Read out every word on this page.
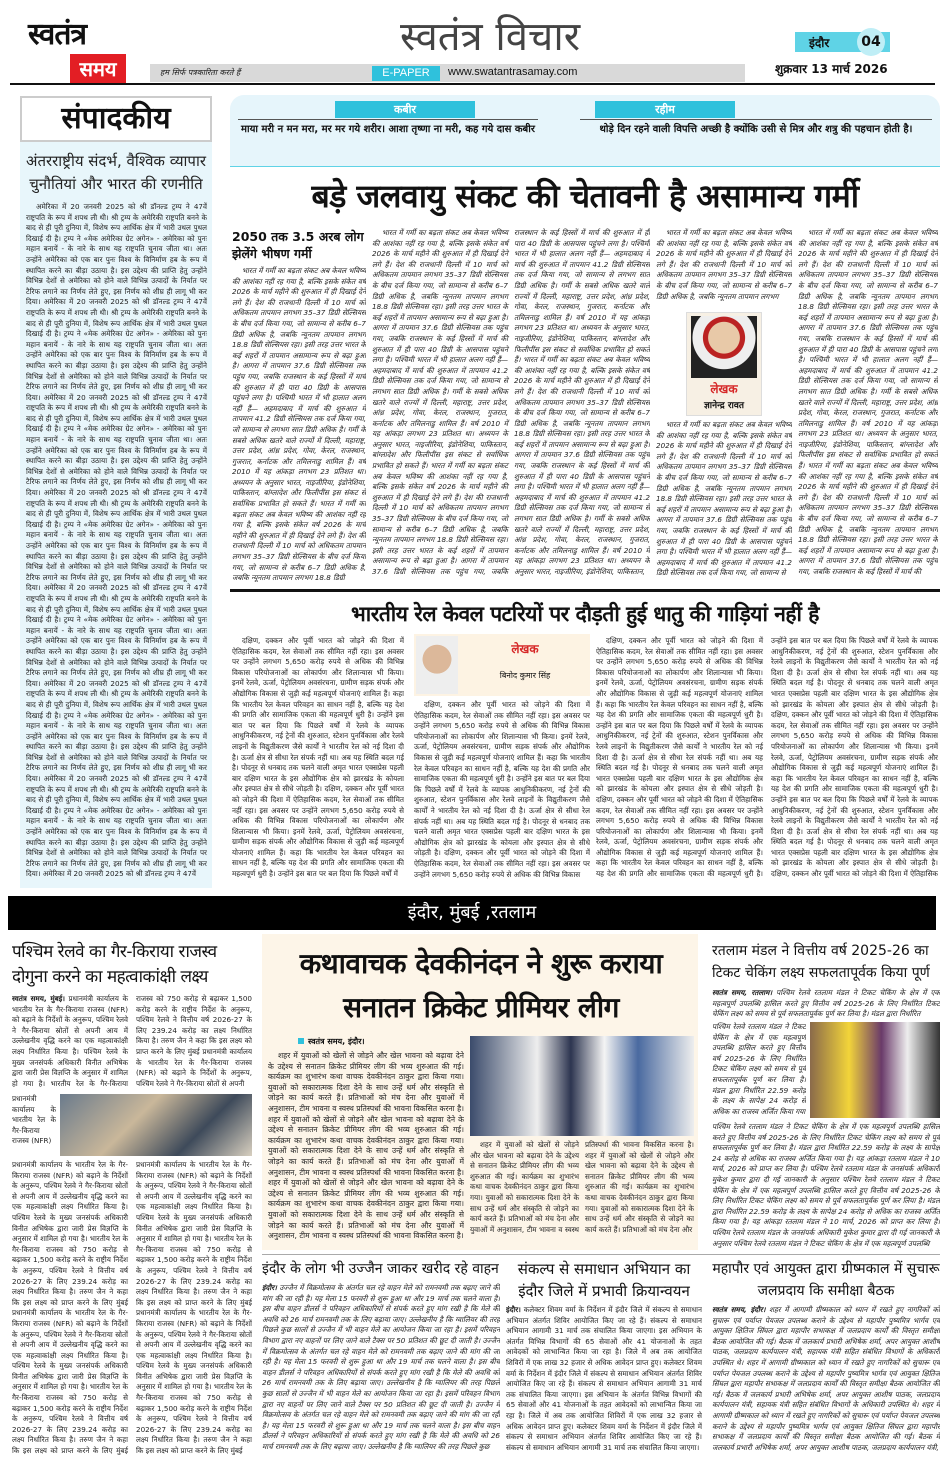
स्वतंत्र
समय	हम सिर्फ पत्रकारिता करते हैं
स्वतंत्र विचार
E-PAPER	www.swatantrasamay.com
इंदौर	04
शुक्रवार 13 मार्च 2026
संपादकीय
अंतरराष्ट्रीय संदर्भ, वैश्विक व्यापार चुनौतियां और भारत की रणनीति
अमेरिका में 20 जनवरी 2025 को श्री डॉनल्ड ट्रम्प ने 47वें राष्ट्रपति के रूप में शपथ ली थी। श्री ट्रम्प के अमेरिकी राष्ट्रपति बनने के बाद से ही पूरी दुनिया में, विशेष रूप आर्थिक क्षेत्र में भारी उथल पुथल दिखाई दी है। ट्रम्प ने «मेक अमेरिका ग्रेट अगेन» - अमेरिका को पुनः महान बनायें - के नारे के साथ यह राष्ट्रपति चुनाव जीता था। अतः उन्होंने अमेरिका को एक बार पुनः विश्व के विनिर्माण हब के रूप में स्थापित करने का बीड़ा उठाया है। इस उद्देश्य की प्राप्ति हेतु उन्होंने विभिन्न देशों से अमेरिका को होने वाले विभिन्न उत्पादों के निर्यात पर टैरिफ लगाने का निर्णय लेते हुए, इस निर्णय को शीघ्र ही लागू भी कर दिया। अमेरिका में 20 जनवरी 2025 को श्री डॉनल्ड ट्रम्प ने 47वें राष्ट्रपति के रूप में शपथ ली थी। श्री ट्रम्प के अमेरिकी राष्ट्रपति बनने के बाद से ही पूरी दुनिया में, विशेष रूप आर्थिक क्षेत्र में भारी उथल पुथल दिखाई दी है। ट्रम्प ने «मेक अमेरिका ग्रेट अगेन» - अमेरिका को पुनः महान बनायें - के नारे के साथ यह राष्ट्रपति चुनाव जीता था। अतः उन्होंने अमेरिका को एक बार पुनः विश्व के विनिर्माण हब के रूप में स्थापित करने का बीड़ा उठाया है। इस उद्देश्य की प्राप्ति हेतु उन्होंने विभिन्न देशों से अमेरिका को होने वाले विभिन्न उत्पादों के निर्यात पर टैरिफ लगाने का निर्णय लेते हुए, इस निर्णय को शीघ्र ही लागू भी कर दिया। अमेरिका में 20 जनवरी 2025 को श्री डॉनल्ड ट्रम्प ने 47वें राष्ट्रपति के रूप में शपथ ली थी। श्री ट्रम्प के अमेरिकी राष्ट्रपति बनने के बाद से ही पूरी दुनिया में, विशेष रूप आर्थिक क्षेत्र में भारी उथल पुथल दिखाई दी है। ट्रम्प ने «मेक अमेरिका ग्रेट अगेन» - अमेरिका को पुनः महान बनायें - के नारे के साथ यह राष्ट्रपति चुनाव जीता था। अतः उन्होंने अमेरिका को एक बार पुनः विश्व के विनिर्माण हब के रूप में स्थापित करने का बीड़ा उठाया है। इस उद्देश्य की प्राप्ति हेतु उन्होंने विभिन्न देशों से अमेरिका को होने वाले विभिन्न उत्पादों के निर्यात पर टैरिफ लगाने का निर्णय लेते हुए, इस निर्णय को शीघ्र ही लागू भी कर दिया। अमेरिका में 20 जनवरी 2025 को श्री डॉनल्ड ट्रम्प ने 47वें राष्ट्रपति के रूप में शपथ ली थी। श्री ट्रम्प के अमेरिकी राष्ट्रपति बनने के बाद से ही पूरी दुनिया में, विशेष रूप आर्थिक क्षेत्र में भारी उथल पुथल दिखाई दी है। ट्रम्प ने «मेक अमेरिका ग्रेट अगेन» - अमेरिका को पुनः महान बनायें - के नारे के साथ यह राष्ट्रपति चुनाव जीता था। अतः उन्होंने अमेरिका को एक बार पुनः विश्व के विनिर्माण हब के रूप में स्थापित करने का बीड़ा उठाया है। इस उद्देश्य की प्राप्ति हेतु उन्होंने विभिन्न देशों से अमेरिका को होने वाले विभिन्न उत्पादों के निर्यात पर टैरिफ लगाने का निर्णय लेते हुए, इस निर्णय को शीघ्र ही लागू भी कर दिया। अमेरिका में 20 जनवरी 2025 को श्री डॉनल्ड ट्रम्प ने 47वें राष्ट्रपति के रूप में शपथ ली थी। श्री ट्रम्प के अमेरिकी राष्ट्रपति बनने के बाद से ही पूरी दुनिया में, विशेष रूप आर्थिक क्षेत्र में भारी उथल पुथल दिखाई दी है। ट्रम्प ने «मेक अमेरिका ग्रेट अगेन» - अमेरिका को पुनः महान बनायें - के नारे के साथ यह राष्ट्रपति चुनाव जीता था। अतः उन्होंने अमेरिका को एक बार पुनः विश्व के विनिर्माण हब के रूप में स्थापित करने का बीड़ा उठाया है। इस उद्देश्य की प्राप्ति हेतु उन्होंने विभिन्न देशों से अमेरिका को होने वाले विभिन्न उत्पादों के निर्यात पर टैरिफ लगाने का निर्णय लेते हुए, इस निर्णय को शीघ्र ही लागू भी कर दिया। अमेरिका में 20 जनवरी 2025 को श्री डॉनल्ड ट्रम्प ने 47वें राष्ट्रपति के रूप में शपथ ली थी। श्री ट्रम्प के अमेरिकी राष्ट्रपति बनने के बाद से ही पूरी दुनिया में, विशेष रूप आर्थिक क्षेत्र में भारी उथल पुथल दिखाई दी है। ट्रम्प ने «मेक अमेरिका ग्रेट अगेन» - अमेरिका को पुनः महान बनायें - के नारे के साथ यह राष्ट्रपति चुनाव जीता था। अतः उन्होंने अमेरिका को एक बार पुनः विश्व के विनिर्माण हब के रूप में स्थापित करने का बीड़ा उठाया है। इस उद्देश्य की प्राप्ति हेतु उन्होंने विभिन्न देशों से अमेरिका को होने वाले विभिन्न उत्पादों के निर्यात पर टैरिफ लगाने का निर्णय लेते हुए, इस निर्णय को शीघ्र ही लागू भी कर दिया। अमेरिका में 20 जनवरी 2025 को श्री डॉनल्ड ट्रम्प ने 47वें राष्ट्रपति के रूप में शपथ ली थी। श्री ट्रम्प के अमेरिकी राष्ट्रपति बनने के बाद से ही पूरी दुनिया में, विशेष रूप आर्थिक क्षेत्र में भारी उथल पुथल दिखाई दी है। ट्रम्प ने «मेक अमेरिका ग्रेट अगेन» - अमेरिका को पुनः महान बनायें - के नारे के साथ यह राष्ट्रपति चुनाव जीता था। अतः उन्होंने अमेरिका को एक बार पुनः विश्व के विनिर्माण हब के रूप में स्थापित करने का बीड़ा उठाया है। इस उद्देश्य की प्राप्ति हेतु उन्होंने विभिन्न देशों से अमेरिका को होने वाले विभिन्न उत्पादों के निर्यात पर टैरिफ लगाने का निर्णय लेते हुए, इस निर्णय को शीघ्र ही लागू भी कर दिया। अमेरिका में 20 जनवरी 2025 को श्री डॉनल्ड ट्रम्प ने 47वें
कबीर
माया मरी न मन मरा, मर मर गये शरीर। आशा तृष्णा ना मरी, कह गये दास कबीर
रहीम
थोड़े दिन रहने वाली विपत्ति अच्छी है क्योंकि उसी से मित्र और शत्रु की पहचान होती है।
बड़े जलवायु संकट की चेतावनी है असामान्य गर्मी
2050 तक 3.5 अरब लोग झेलेंगे भीषण गर्मी
भारत में गर्मी का बढ़ता संकट अब केवल भविष्य की आशंका नहीं रह गया है, बल्कि इसके संकेत वर्ष 2026 के मार्च महीने की शुरुआत में ही दिखाई देने लगे हैं। देश की राजधानी दिल्ली में 10 मार्च को अधिकतम तापमान लगभग 35–37 डिग्री सेल्सियस के बीच दर्ज किया गया, जो सामान्य से करीब 6–7 डिग्री अधिक है, जबकि न्यूनतम तापमान लगभग 18.8 डिग्री सेल्सियस रहा। इसी तरह उत्तर भारत के कई शहरों में तापमान असामान्य रूप से बढ़ा हुआ है। आगरा में तापमान 37.6 डिग्री सेल्सियस तक पहुंच गया, जबकि राजस्थान के कई हिस्सों में मार्च की शुरुआत में ही पारा 40 डिग्री के आसपास पहुंचने लगा है। पश्चिमी भारत में भी हालात अलग नहीं हैं— अहमदाबाद में मार्च की शुरुआत में तापमान 41.2 डिग्री सेल्सियस तक दर्ज किया गया, जो सामान्य से लगभग सात डिग्री अधिक है। गर्मी के सबसे अधिक खतरे वाले राज्यों में दिल्ली, महाराष्ट्र, उत्तर प्रदेश, आंध्र प्रदेश, गोवा, केरल, राजस्थान, गुजरात, कर्नाटक और तमिलनाडु शामिल हैं। वर्ष 2010 में यह आंकड़ा लगभग 23 प्रतिशत था। अध्ययन के अनुसार भारत, नाइजीरिया, इंडोनेशिया, पाकिस्तान, बांग्लादेश और फिलीपींस इस संकट से सर्वाधिक प्रभावित हो सकते हैं। भारत में गर्मी का बढ़ता संकट अब केवल भविष्य की आशंका नहीं रह गया है, बल्कि इसके संकेत वर्ष 2026 के मार्च महीने की शुरुआत में ही दिखाई देने लगे हैं। देश की राजधानी दिल्ली में 10 मार्च को अधिकतम तापमान लगभग 35–37 डिग्री सेल्सियस के बीच दर्ज किया गया, जो सामान्य से करीब 6–7 डिग्री अधिक है, जबकि न्यूनतम तापमान लगभग 18.8 डिग्री
भारत में गर्मी का बढ़ता संकट अब केवल भविष्य की आशंका नहीं रह गया है, बल्कि इसके संकेत वर्ष 2026 के मार्च महीने की शुरुआत में ही दिखाई देने लगे हैं। देश की राजधानी दिल्ली में 10 मार्च को अधिकतम तापमान लगभग 35–37 डिग्री सेल्सियस के बीच दर्ज किया गया, जो सामान्य से करीब 6–7 डिग्री अधिक है, जबकि न्यूनतम तापमान लगभग 18.8 डिग्री सेल्सियस रहा। इसी तरह उत्तर भारत के कई शहरों में तापमान असामान्य रूप से बढ़ा हुआ है। आगरा में तापमान 37.6 डिग्री सेल्सियस तक पहुंच गया, जबकि राजस्थान के कई हिस्सों में मार्च की शुरुआत में ही पारा 40 डिग्री के आसपास पहुंचने लगा है। पश्चिमी भारत में भी हालात अलग नहीं हैं— अहमदाबाद में मार्च की शुरुआत में तापमान 41.2 डिग्री सेल्सियस तक दर्ज किया गया, जो सामान्य से लगभग सात डिग्री अधिक है। गर्मी के सबसे अधिक खतरे वाले राज्यों में दिल्ली, महाराष्ट्र, उत्तर प्रदेश, आंध्र प्रदेश, गोवा, केरल, राजस्थान, गुजरात, कर्नाटक और तमिलनाडु शामिल हैं। वर्ष 2010 में यह आंकड़ा लगभग 23 प्रतिशत था। अध्ययन के अनुसार भारत, नाइजीरिया, इंडोनेशिया, पाकिस्तान, बांग्लादेश और फिलीपींस इस संकट से सर्वाधिक प्रभावित हो सकते हैं। भारत में गर्मी का बढ़ता संकट अब केवल भविष्य की आशंका नहीं रह गया है, बल्कि इसके संकेत वर्ष 2026 के मार्च महीने की शुरुआत में ही दिखाई देने लगे हैं। देश की राजधानी दिल्ली में 10 मार्च को अधिकतम तापमान लगभग 35–37 डिग्री सेल्सियस के बीच दर्ज किया गया, जो सामान्य से करीब 6–7 डिग्री अधिक है, जबकि न्यूनतम तापमान लगभग 18.8 डिग्री सेल्सियस रहा। इसी तरह उत्तर भारत के कई शहरों में तापमान असामान्य रूप से बढ़ा हुआ है। आगरा में तापमान 37.6 डिग्री सेल्सियस तक पहुंच गया, जबकि राजस्थान के कई हिस्सों में मार्च की शुरुआत में ही पारा 40 डिग्री के आसपास पहुंचने लगा है। पश्चिमी भारत में भी हालात अलग नहीं हैं— अहमदाबाद में मार्च की शुरुआत में तापमान 41.2 डिग्री सेल्सियस तक दर्ज किया गया, जो सामान्य से लगभग सात डिग्री अधिक है। गर्मी के सबसे अधिक खतरे वाले राज्यों में दिल्ली, महाराष्ट्र, उत्तर प्रदेश, आंध्र प्रदेश, गोवा, केरल, राजस्थान, गुजरात, कर्नाटक और तमिलनाडु शामिल हैं। वर्ष 2010 में यह आंकड़ा लगभग 23 प्रतिशत था। अध्ययन के अनुसार भारत, नाइजीरिया, इंडोनेशिया, पाकिस्तान, बांग्लादेश और फिलीपींस इस संकट से सर्वाधिक प्रभावित हो सकते हैं। भारत में गर्मी का बढ़ता संकट अब केवल भविष्य की आशंका नहीं रह गया है, बल्कि इसके संकेत वर्ष 2026 के मार्च महीने की शुरुआत में ही दिखाई देने लगे हैं। देश की राजधानी दिल्ली में 10 मार्च को अधिकतम तापमान लगभग 35–37 डिग्री सेल्सियस के बीच दर्ज किया गया, जो सामान्य से करीब 6–7 डिग्री अधिक है, जबकि न्यूनतम तापमान लगभग 18.8 डिग्री सेल्सियस रहा। इसी तरह उत्तर भारत के कई शहरों में तापमान असामान्य रूप से बढ़ा हुआ है। आगरा में तापमान 37.6 डिग्री सेल्सियस तक पहुंच गया, जबकि राजस्थान के कई हिस्सों में मार्च की शुरुआत में ही पारा 40 डिग्री के आसपास पहुंचने लगा है। पश्चिमी भारत में भी हालात अलग नहीं हैं— अहमदाबाद में मार्च की शुरुआत में तापमान 41.2 डिग्री सेल्सियस तक दर्ज किया गया, जो सामान्य से लगभग सात डिग्री अधिक है। गर्मी के सबसे अधिक खतरे वाले राज्यों में दिल्ली, महाराष्ट्र, उत्तर प्रदेश, आंध्र प्रदेश, गोवा, केरल, राजस्थान, गुजरात, कर्नाटक और तमिलनाडु शामिल हैं। वर्ष 2010 में यह आंकड़ा लगभग 23 प्रतिशत था। अध्ययन के अनुसार भारत, नाइजीरिया, इंडोनेशिया, पाकिस्तान,
भारत में गर्मी का बढ़ता संकट अब केवल भविष्य की आशंका नहीं रह गया है, बल्कि इसके संकेत वर्ष 2026 के मार्च महीने की शुरुआत में ही दिखाई देने लगे हैं। देश की राजधानी दिल्ली में 10 मार्च को अधिकतम तापमान लगभग 35–37 डिग्री सेल्सियस के बीच दर्ज किया गया, जो सामान्य से करीब 6–7 डिग्री अधिक है, जबकि न्यूनतम तापमान लगभग
लेखक
ज्ञानेन्द्र रावत
भारत में गर्मी का बढ़ता संकट अब केवल भविष्य की आशंका नहीं रह गया है, बल्कि इसके संकेत वर्ष 2026 के मार्च महीने की शुरुआत में ही दिखाई देने लगे हैं। देश की राजधानी दिल्ली में 10 मार्च को अधिकतम तापमान लगभग 35–37 डिग्री सेल्सियस के बीच दर्ज किया गया, जो सामान्य से करीब 6–7 डिग्री अधिक है, जबकि न्यूनतम तापमान लगभग 18.8 डिग्री सेल्सियस रहा। इसी तरह उत्तर भारत के कई शहरों में तापमान असामान्य रूप से बढ़ा हुआ है। आगरा में तापमान 37.6 डिग्री सेल्सियस तक पहुंच गया, जबकि राजस्थान के कई हिस्सों में मार्च की शुरुआत में ही पारा 40 डिग्री के आसपास पहुंचने लगा है। पश्चिमी भारत में भी हालात अलग नहीं हैं— अहमदाबाद में मार्च की शुरुआत में तापमान 41.2 डिग्री सेल्सियस तक दर्ज किया गया, जो सामान्य से
भारत में गर्मी का बढ़ता संकट अब केवल भविष्य की आशंका नहीं रह गया है, बल्कि इसके संकेत वर्ष 2026 के मार्च महीने की शुरुआत में ही दिखाई देने लगे हैं। देश की राजधानी दिल्ली में 10 मार्च को अधिकतम तापमान लगभग 35–37 डिग्री सेल्सियस के बीच दर्ज किया गया, जो सामान्य से करीब 6–7 डिग्री अधिक है, जबकि न्यूनतम तापमान लगभग 18.8 डिग्री सेल्सियस रहा। इसी तरह उत्तर भारत के कई शहरों में तापमान असामान्य रूप से बढ़ा हुआ है। आगरा में तापमान 37.6 डिग्री सेल्सियस तक पहुंच गया, जबकि राजस्थान के कई हिस्सों में मार्च की शुरुआत में ही पारा 40 डिग्री के आसपास पहुंचने लगा है। पश्चिमी भारत में भी हालात अलग नहीं हैं— अहमदाबाद में मार्च की शुरुआत में तापमान 41.2 डिग्री सेल्सियस तक दर्ज किया गया, जो सामान्य से लगभग सात डिग्री अधिक है। गर्मी के सबसे अधिक खतरे वाले राज्यों में दिल्ली, महाराष्ट्र, उत्तर प्रदेश, आंध्र प्रदेश, गोवा, केरल, राजस्थान, गुजरात, कर्नाटक और तमिलनाडु शामिल हैं। वर्ष 2010 में यह आंकड़ा लगभग 23 प्रतिशत था। अध्ययन के अनुसार भारत, नाइजीरिया, इंडोनेशिया, पाकिस्तान, बांग्लादेश और फिलीपींस इस संकट से सर्वाधिक प्रभावित हो सकते हैं। भारत में गर्मी का बढ़ता संकट अब केवल भविष्य की आशंका नहीं रह गया है, बल्कि इसके संकेत वर्ष 2026 के मार्च महीने की शुरुआत में ही दिखाई देने लगे हैं। देश की राजधानी दिल्ली में 10 मार्च को अधिकतम तापमान लगभग 35–37 डिग्री सेल्सियस के बीच दर्ज किया गया, जो सामान्य से करीब 6–7 डिग्री अधिक है, जबकि न्यूनतम तापमान लगभग 18.8 डिग्री सेल्सियस रहा। इसी तरह उत्तर भारत के कई शहरों में तापमान असामान्य रूप से बढ़ा हुआ है। आगरा में तापमान 37.6 डिग्री सेल्सियस तक पहुंच गया, जबकि राजस्थान के कई हिस्सों में मार्च की
भारतीय रेल केवल पटरियों पर दौड़ती हुई धातु की गाड़ियां नहीं है
दक्षिण, दक्कन और पूर्वी भारत को जोड़ने की दिशा में ऐतिहासिक कदम, रेल सेवाओं तक सीमित नहीं रहा। इस अवसर पर उन्होंने लगभग 5,650 करोड़ रुपये से अधिक की विभिन्न विकास परियोजनाओं का लोकार्पण और शिलान्यास भी किया। इनमें रेलवे, ऊर्जा, पेट्रोलियम अवसंरचना, ग्रामीण सड़क संपर्क और औद्योगिक विकास से जुड़ी कई महत्वपूर्ण योजनाएं शामिल हैं। कहा कि भारतीय रेल केवल परिवहन का साधन नहीं है, बल्कि यह देश की प्रगति और सामाजिक एकता की महत्वपूर्ण धुरी है। उन्होंने इस बात पर बल दिया कि पिछले वर्षों में रेलवे के व्यापक आधुनिकीकरण, नई ट्रेनों की शुरुआत, स्टेशन पुनर्विकास और रेलवे लाइनों के विद्युतीकरण जैसे कार्यों ने भारतीय रेल को नई दिशा दी है। ऊर्जा क्षेत्र से सीधा रेल संपर्क नहीं था। अब यह स्थिति बदल गई है। पोदनूर से धनबाद तक चलने वाली अमृत भारत एक्सप्रेस पहली बार दक्षिण भारत के इस औद्योगिक क्षेत्र को झारखंड के कोयला और इस्पात क्षेत्र से सीधे जोड़ती है। दक्षिण, दक्कन और पूर्वी भारत को जोड़ने की दिशा में ऐतिहासिक कदम, रेल सेवाओं तक सीमित नहीं रहा। इस अवसर पर उन्होंने लगभग 5,650 करोड़ रुपये से अधिक की विभिन्न विकास परियोजनाओं का लोकार्पण और शिलान्यास भी किया। इनमें रेलवे, ऊर्जा, पेट्रोलियम अवसंरचना, ग्रामीण सड़क संपर्क और औद्योगिक विकास से जुड़ी कई महत्वपूर्ण योजनाएं शामिल हैं। कहा कि भारतीय रेल केवल परिवहन का साधन नहीं है, बल्कि यह देश की प्रगति और सामाजिक एकता की महत्वपूर्ण धुरी है। उन्होंने इस बात पर बल दिया कि पिछले वर्षों में
लेखक
बिनोद कुमार सिंह
दक्षिण, दक्कन और पूर्वी भारत को जोड़ने की दिशा में ऐतिहासिक कदम, रेल सेवाओं तक सीमित नहीं रहा। इस अवसर पर उन्होंने लगभग 5,650 करोड़ रुपये से अधिक की विभिन्न विकास परियोजनाओं का लोकार्पण और शिलान्यास भी किया। इनमें रेलवे, ऊर्जा, पेट्रोलियम अवसंरचना, ग्रामीण सड़क संपर्क और औद्योगिक विकास से जुड़ी कई महत्वपूर्ण योजनाएं शामिल हैं। कहा कि भारतीय रेल केवल परिवहन का साधन नहीं है, बल्कि यह देश की प्रगति और सामाजिक एकता की महत्वपूर्ण धुरी है। उन्होंने इस बात पर बल दिया कि पिछले वर्षों में रेलवे के व्यापक आधुनिकीकरण, नई ट्रेनों की शुरुआत, स्टेशन पुनर्विकास और रेलवे लाइनों के विद्युतीकरण जैसे कार्यों ने भारतीय रेल को नई दिशा दी है। ऊर्जा क्षेत्र से सीधा रेल संपर्क नहीं था। अब यह स्थिति बदल गई है। पोदनूर से धनबाद तक चलने वाली अमृत भारत एक्सप्रेस पहली बार दक्षिण भारत के इस औद्योगिक क्षेत्र को झारखंड के कोयला और इस्पात क्षेत्र से सीधे जोड़ती है। दक्षिण, दक्कन और पूर्वी भारत को जोड़ने की दिशा में ऐतिहासिक कदम, रेल सेवाओं तक सीमित नहीं रहा। इस अवसर पर उन्होंने लगभग 5,650 करोड़ रुपये से अधिक की विभिन्न विकास
दक्षिण, दक्कन और पूर्वी भारत को जोड़ने की दिशा में ऐतिहासिक कदम, रेल सेवाओं तक सीमित नहीं रहा। इस अवसर पर उन्होंने लगभग 5,650 करोड़ रुपये से अधिक की विभिन्न विकास परियोजनाओं का लोकार्पण और शिलान्यास भी किया। इनमें रेलवे, ऊर्जा, पेट्रोलियम अवसंरचना, ग्रामीण सड़क संपर्क और औद्योगिक विकास से जुड़ी कई महत्वपूर्ण योजनाएं शामिल हैं। कहा कि भारतीय रेल केवल परिवहन का साधन नहीं है, बल्कि यह देश की प्रगति और सामाजिक एकता की महत्वपूर्ण धुरी है। उन्होंने इस बात पर बल दिया कि पिछले वर्षों में रेलवे के व्यापक आधुनिकीकरण, नई ट्रेनों की शुरुआत, स्टेशन पुनर्विकास और रेलवे लाइनों के विद्युतीकरण जैसे कार्यों ने भारतीय रेल को नई दिशा दी है। ऊर्जा क्षेत्र से सीधा रेल संपर्क नहीं था। अब यह स्थिति बदल गई है। पोदनूर से धनबाद तक चलने वाली अमृत भारत एक्सप्रेस पहली बार दक्षिण भारत के इस औद्योगिक क्षेत्र को झारखंड के कोयला और इस्पात क्षेत्र से सीधे जोड़ती है। दक्षिण, दक्कन और पूर्वी भारत को जोड़ने की दिशा में ऐतिहासिक कदम, रेल सेवाओं तक सीमित नहीं रहा। इस अवसर पर उन्होंने लगभग 5,650 करोड़ रुपये से अधिक की विभिन्न विकास परियोजनाओं का लोकार्पण और शिलान्यास भी किया। इनमें रेलवे, ऊर्जा, पेट्रोलियम अवसंरचना, ग्रामीण सड़क संपर्क और औद्योगिक विकास से जुड़ी कई महत्वपूर्ण योजनाएं शामिल हैं। कहा कि भारतीय रेल केवल परिवहन का साधन नहीं है, बल्कि यह देश की प्रगति और सामाजिक एकता की महत्वपूर्ण धुरी है। उन्होंने इस बात पर बल दिया कि पिछले वर्षों में रेलवे के व्यापक आधुनिकीकरण, नई ट्रेनों की शुरुआत, स्टेशन पुनर्विकास और रेलवे लाइनों के विद्युतीकरण जैसे कार्यों ने भारतीय रेल को नई दिशा दी है। ऊर्जा क्षेत्र से सीधा रेल संपर्क नहीं था। अब यह स्थिति बदल गई है। पोदनूर से धनबाद तक चलने वाली अमृत भारत एक्सप्रेस पहली बार दक्षिण भारत के इस औद्योगिक क्षेत्र को झारखंड के कोयला और इस्पात क्षेत्र से सीधे जोड़ती है। दक्षिण, दक्कन और पूर्वी भारत को जोड़ने की दिशा में ऐतिहासिक कदम, रेल सेवाओं तक सीमित नहीं रहा। इस अवसर पर उन्होंने लगभग 5,650 करोड़ रुपये से अधिक की विभिन्न विकास परियोजनाओं का लोकार्पण और शिलान्यास भी किया। इनमें रेलवे, ऊर्जा, पेट्रोलियम अवसंरचना, ग्रामीण सड़क संपर्क और औद्योगिक विकास से जुड़ी कई महत्वपूर्ण योजनाएं शामिल हैं। कहा कि भारतीय रेल केवल परिवहन का साधन नहीं है, बल्कि यह देश की प्रगति और सामाजिक एकता की महत्वपूर्ण धुरी है। उन्होंने इस बात पर बल दिया कि पिछले वर्षों में रेलवे के व्यापक आधुनिकीकरण, नई ट्रेनों की शुरुआत, स्टेशन पुनर्विकास और रेलवे लाइनों के विद्युतीकरण जैसे कार्यों ने भारतीय रेल को नई दिशा दी है। ऊर्जा क्षेत्र से सीधा रेल संपर्क नहीं था। अब यह स्थिति बदल गई है। पोदनूर से धनबाद तक चलने वाली अमृत भारत एक्सप्रेस पहली बार दक्षिण भारत के इस औद्योगिक क्षेत्र को झारखंड के कोयला और इस्पात क्षेत्र से सीधे जोड़ती है। दक्षिण, दक्कन और पूर्वी भारत को जोड़ने की दिशा में ऐतिहासिक
इंदौर, मुंबई ,रतलाम
पश्चिम रेलवे का गैर-किराया राजस्व दोगुना करने का महत्वाकांक्षी लक्ष्य
स्वतंत्र समय, मुंबई। प्रधानमंत्री कार्यालय के भारतीय रेल के गैर-किराया राजस्व (NFR) को बढ़ाने के निर्देशों के अनुरूप, पश्चिम रेलवे ने गैर-किराया स्रोतों से अपनी आय में उल्लेखनीय वृद्धि करने का एक महत्वाकांक्षी लक्ष्य निर्धारित किया है। पश्चिम रेलवे के मुख्य जनसंपर्क अधिकारी विनीत अभिषेक द्वारा जारी प्रेस विज्ञप्ति के अनुसार में शामिल हो गया है। भारतीय रेल के गैर-किराया राजस्व को 750 करोड़ से बढ़ाकर 1,500 करोड़ करने के राष्ट्रीय निर्देश के अनुरूप, पश्चिम रेलवे ने वित्तीय वर्ष 2026-27 के लिए 239.24 करोड़ का लक्ष्य निर्धारित किया है। तरुण जैन ने कहा कि इस लक्ष्य को प्राप्त करने के लिए मुंबई प्रधानमंत्री कार्यालय के भारतीय रेल के गैर-किराया राजस्व (NFR) को बढ़ाने के निर्देशों के अनुरूप, पश्चिम रेलवे ने गैर-किराया स्रोतों से अपनी
प्रधानमंत्री कार्यालय के भारतीय रेल के गैर-किराया राजस्व (NFR)
प्रधानमंत्री कार्यालय के भारतीय रेल के गैर-किराया राजस्व (NFR) को बढ़ाने के निर्देशों के अनुरूप, पश्चिम रेलवे ने गैर-किराया स्रोतों से अपनी आय में उल्लेखनीय वृद्धि करने का एक महत्वाकांक्षी लक्ष्य निर्धारित किया है। पश्चिम रेलवे के मुख्य जनसंपर्क अधिकारी विनीत अभिषेक द्वारा जारी प्रेस विज्ञप्ति के अनुसार में शामिल हो गया है। भारतीय रेल के गैर-किराया राजस्व को 750 करोड़ से बढ़ाकर 1,500 करोड़ करने के राष्ट्रीय निर्देश के अनुरूप, पश्चिम रेलवे ने वित्तीय वर्ष 2026-27 के लिए 239.24 करोड़ का लक्ष्य निर्धारित किया है। तरुण जैन ने कहा कि इस लक्ष्य को प्राप्त करने के लिए मुंबई प्रधानमंत्री कार्यालय के भारतीय रेल के गैर-किराया राजस्व (NFR) को बढ़ाने के निर्देशों के अनुरूप, पश्चिम रेलवे ने गैर-किराया स्रोतों से अपनी आय में उल्लेखनीय वृद्धि करने का एक महत्वाकांक्षी लक्ष्य निर्धारित किया है। पश्चिम रेलवे के मुख्य जनसंपर्क अधिकारी विनीत अभिषेक द्वारा जारी प्रेस विज्ञप्ति के अनुसार में शामिल हो गया है। भारतीय रेल के गैर-किराया राजस्व को 750 करोड़ से बढ़ाकर 1,500 करोड़ करने के राष्ट्रीय निर्देश के अनुरूप, पश्चिम रेलवे ने वित्तीय वर्ष 2026-27 के लिए 239.24 करोड़ का लक्ष्य निर्धारित किया है। तरुण जैन ने कहा कि इस लक्ष्य को प्राप्त करने के लिए मुंबई प्रधानमंत्री कार्यालय के भारतीय रेल के गैर-किराया राजस्व (NFR) को बढ़ाने के निर्देशों के अनुरूप, पश्चिम रेलवे ने गैर-किराया स्रोतों से अपनी आय में उल्लेखनीय वृद्धि करने का एक महत्वाकांक्षी लक्ष्य निर्धारित किया है। पश्चिम रेलवे के मुख्य जनसंपर्क अधिकारी विनीत अभिषेक द्वारा जारी प्रेस विज्ञप्ति के अनुसार में शामिल हो गया है। भारतीय रेल के गैर-किराया राजस्व को 750 करोड़ से बढ़ाकर 1,500 करोड़ करने के राष्ट्रीय निर्देश के अनुरूप, पश्चिम रेलवे ने वित्तीय वर्ष 2026-27 के लिए 239.24 करोड़ का लक्ष्य निर्धारित किया है। तरुण जैन ने कहा कि इस लक्ष्य को प्राप्त करने के लिए मुंबई प्रधानमंत्री कार्यालय के भारतीय रेल के गैर-किराया राजस्व (NFR) को बढ़ाने के निर्देशों के अनुरूप, पश्चिम रेलवे ने गैर-किराया स्रोतों से अपनी आय में उल्लेखनीय वृद्धि करने का एक महत्वाकांक्षी लक्ष्य निर्धारित किया है। पश्चिम रेलवे के मुख्य जनसंपर्क अधिकारी विनीत अभिषेक द्वारा जारी प्रेस विज्ञप्ति के अनुसार में शामिल हो गया है। भारतीय रेल के गैर-किराया राजस्व को 750 करोड़ से बढ़ाकर 1,500 करोड़ करने के राष्ट्रीय निर्देश के अनुरूप, पश्चिम रेलवे ने वित्तीय वर्ष 2026-27 के लिए 239.24 करोड़ का लक्ष्य निर्धारित किया है। तरुण जैन ने कहा कि इस लक्ष्य को प्राप्त करने के लिए मुंबई
कथावाचक देवकीनंदन ने शुरू कराया सनातन क्रिकेट प्रीमियर लीग
स्वतंत्र समय, इंदौर।
शहर में युवाओं को खेलों से जोड़ने और खेल भावना को बढ़ावा देने के उद्देश्य से सनातन क्रिकेट प्रीमियर लीग की भव्य शुरुआत की गई। कार्यक्रम का शुभारंभ कथा वाचक देवकीनंदन ठाकुर द्वारा किया गया। युवाओं को सकारात्मक दिशा देने के साथ उन्हें धर्म और संस्कृति से जोड़ने का कार्य करते हैं। प्रतिभाओं को मंच देना और युवाओं में अनुशासन, टीम भावना व स्वस्थ प्रतिस्पर्धा की भावना विकसित करना है। शहर में युवाओं को खेलों से जोड़ने और खेल भावना को बढ़ावा देने के उद्देश्य से सनातन क्रिकेट प्रीमियर लीग की भव्य शुरुआत की गई। कार्यक्रम का शुभारंभ कथा वाचक देवकीनंदन ठाकुर द्वारा किया गया। युवाओं को सकारात्मक दिशा देने के साथ उन्हें धर्म और संस्कृति से जोड़ने का कार्य करते हैं। प्रतिभाओं को मंच देना और युवाओं में अनुशासन, टीम भावना व स्वस्थ प्रतिस्पर्धा की भावना विकसित करना है। शहर में युवाओं को खेलों से जोड़ने और खेल भावना को बढ़ावा देने के उद्देश्य से सनातन क्रिकेट प्रीमियर लीग की भव्य शुरुआत की गई। कार्यक्रम का शुभारंभ कथा वाचक देवकीनंदन ठाकुर द्वारा किया गया। युवाओं को सकारात्मक दिशा देने के साथ उन्हें धर्म और संस्कृति से जोड़ने का कार्य करते हैं। प्रतिभाओं को मंच देना और युवाओं में अनुशासन, टीम भावना व स्वस्थ प्रतिस्पर्धा की भावना विकसित करना है।
शहर में युवाओं को खेलों से जोड़ने और खेल भावना को बढ़ावा देने के उद्देश्य से सनातन क्रिकेट प्रीमियर लीग की भव्य शुरुआत की गई। कार्यक्रम का शुभारंभ कथा वाचक देवकीनंदन ठाकुर द्वारा किया गया। युवाओं को सकारात्मक दिशा देने के साथ उन्हें धर्म और संस्कृति से जोड़ने का कार्य करते हैं। प्रतिभाओं को मंच देना और युवाओं में अनुशासन, टीम भावना व स्वस्थ प्रतिस्पर्धा की भावना विकसित करना है। शहर में युवाओं को खेलों से जोड़ने और खेल भावना को बढ़ावा देने के उद्देश्य से सनातन क्रिकेट प्रीमियर लीग की भव्य शुरुआत की गई। कार्यक्रम का शुभारंभ कथा वाचक देवकीनंदन ठाकुर द्वारा किया गया। युवाओं को सकारात्मक दिशा देने के साथ उन्हें धर्म और संस्कृति से जोड़ने का कार्य करते हैं। प्रतिभाओं को मंच देना और
रतलाम मंडल ने वित्तीय वर्ष 2025-26 का टिकट चेकिंग लक्ष्य सफलतापूर्वक किया पूर्ण
स्वतंत्र समय, रतलाम। पश्चिम रेलवे रतलाम मंडल ने टिकट चेकिंग के क्षेत्र में एक महत्वपूर्ण उपलब्धि हासिल करते हुए वित्तीय वर्ष 2025-26 के लिए निर्धारित टिकट चेकिंग लक्ष्य को समय से पूर्व सफलतापूर्वक पूर्ण कर लिया है। मंडल द्वारा निर्धारित
पश्चिम रेलवे रतलाम मंडल ने टिकट चेकिंग के क्षेत्र में एक महत्वपूर्ण उपलब्धि हासिल करते हुए वित्तीय वर्ष 2025-26 के लिए निर्धारित टिकट चेकिंग लक्ष्य को समय से पूर्व सफलतापूर्वक पूर्ण कर लिया है। मंडल द्वारा निर्धारित 22.59 करोड़ के लक्ष्य के सापेक्ष 24 करोड़ से अधिक का राजस्व अर्जित किया गया
पश्चिम रेलवे रतलाम मंडल ने टिकट चेकिंग के क्षेत्र में एक महत्वपूर्ण उपलब्धि हासिल करते हुए वित्तीय वर्ष 2025-26 के लिए निर्धारित टिकट चेकिंग लक्ष्य को समय से पूर्व सफलतापूर्वक पूर्ण कर लिया है। मंडल द्वारा निर्धारित 22.59 करोड़ के लक्ष्य के सापेक्ष 24 करोड़ से अधिक का राजस्व अर्जित किया गया है। यह आंकड़ा रतलाम मंडल ने 10 मार्च, 2026 को प्राप्त कर लिया है। पश्चिम रेलवे रतलाम मंडल के जनसंपर्क अधिकारी मुकेश कुमार द्वारा दी गई जानकारी के अनुसार पश्चिम रेलवे रतलाम मंडल ने टिकट चेकिंग के क्षेत्र में एक महत्वपूर्ण उपलब्धि हासिल करते हुए वित्तीय वर्ष 2025-26 के लिए निर्धारित टिकट चेकिंग लक्ष्य को समय से पूर्व सफलतापूर्वक पूर्ण कर लिया है। मंडल द्वारा निर्धारित 22.59 करोड़ के लक्ष्य के सापेक्ष 24 करोड़ से अधिक का राजस्व अर्जित किया गया है। यह आंकड़ा रतलाम मंडल ने 10 मार्च, 2026 को प्राप्त कर लिया है। पश्चिम रेलवे रतलाम मंडल के जनसंपर्क अधिकारी मुकेश कुमार द्वारा दी गई जानकारी के अनुसार पश्चिम रेलवे रतलाम मंडल ने टिकट चेकिंग के क्षेत्र में एक महत्वपूर्ण उपलब्धि
इंदौर के लोग भी उज्जैन जाकर खरीद रहे वाहन
इंदौर। उज्जैन में विक्रमोत्सव के अंतर्गत चल रहे वाहन मेले को रामनवमी तक बढ़ाए जाने की मांग की जा रही है। यह मेला 15 फरवरी से शुरू हुआ था और 19 मार्च तक चलने वाला है। इस बीच वाहन डीलर्स ने परिवहन अधिकारियों से संपर्क करते हुए मांग रखी है कि मेले की अवधि को 26 मार्च रामनवमी तक के लिए बढ़ाया जाए। उल्लेखनीय है कि ग्वालियर की तरह पिछले कुछ सालों से उज्जैन में भी वाहन मेले का आयोजन किया जा रहा है। इसमें परिवहन विभाग द्वारा नए वाहनों पर लिए जाने वाले टैक्स पर 50 प्रतिशत की छूट दी जाती है। उज्जैन में विक्रमोत्सव के अंतर्गत चल रहे वाहन मेले को रामनवमी तक बढ़ाए जाने की मांग की जा रही है। यह मेला 15 फरवरी से शुरू हुआ था और 19 मार्च तक चलने वाला है। इस बीच वाहन डीलर्स ने परिवहन अधिकारियों से संपर्क करते हुए मांग रखी है कि मेले की अवधि को 26 मार्च रामनवमी तक के लिए बढ़ाया जाए। उल्लेखनीय है कि ग्वालियर की तरह पिछले कुछ सालों से उज्जैन में भी वाहन मेले का आयोजन किया जा रहा है। इसमें परिवहन विभाग द्वारा नए वाहनों पर लिए जाने वाले टैक्स पर 50 प्रतिशत की छूट दी जाती है। उज्जैन में विक्रमोत्सव के अंतर्गत चल रहे वाहन मेले को रामनवमी तक बढ़ाए जाने की मांग की जा रही है। यह मेला 15 फरवरी से शुरू हुआ था और 19 मार्च तक चलने वाला है। इस बीच वाहन डीलर्स ने परिवहन अधिकारियों से संपर्क करते हुए मांग रखी है कि मेले की अवधि को 26 मार्च रामनवमी तक के लिए बढ़ाया जाए। उल्लेखनीय है कि ग्वालियर की तरह पिछले कुछ
संकल्प से समाधान अभियान का इंदौर जिले में प्रभावी क्रियान्वयन
इंदौर। कलेक्टर शिवम वर्मा के निर्देशन में इंदौर जिले में संकल्प से समाधान अभियान अंतर्गत शिविर आयोजित किए जा रहे हैं। संकल्प से समाधान अभियान आगामी 31 मार्च तक संचालित किया जाएगा। इस अभियान के अंतर्गत विभिन्न विभागों की 65 सेवाओं और 41 योजनाओं के तहत आवेदकों को लाभान्वित किया जा रहा है। जिले में अब तक आयोजित शिविरों में एक लाख 32 हजार से अधिक आवेदन प्राप्त हुए। कलेक्टर शिवम वर्मा के निर्देशन में इंदौर जिले में संकल्प से समाधान अभियान अंतर्गत शिविर आयोजित किए जा रहे हैं। संकल्प से समाधान अभियान आगामी 31 मार्च तक संचालित किया जाएगा। इस अभियान के अंतर्गत विभिन्न विभागों की 65 सेवाओं और 41 योजनाओं के तहत आवेदकों को लाभान्वित किया जा रहा है। जिले में अब तक आयोजित शिविरों में एक लाख 32 हजार से अधिक आवेदन प्राप्त हुए। कलेक्टर शिवम वर्मा के निर्देशन में इंदौर जिले में संकल्प से समाधान अभियान अंतर्गत शिविर आयोजित किए जा रहे हैं। संकल्प से समाधान अभियान आगामी 31 मार्च तक संचालित किया जाएगा।
महापौर एवं आयुक्त द्वारा ग्रीष्मकाल में सुचारू जलप्रदाय कि समीक्षा बैठक
स्वतंत्र समय, इंदौर। शहर में आगामी ग्रीष्मकाल को ध्यान में रखते हुए नागरिकों को सुचारू एवं पर्याप्त पेयजल उपलब्ध कराने के उद्देश्य से महापौर पुष्यमित्र भार्गव एवं आयुक्त क्षितिज सिंघल द्वारा महापौर सभाकक्ष में जलप्रदाय कार्यों की विस्तृत समीक्षा बैठक आयोजित की गई। बैठक में जलकार्य प्रभारी अभिषेक शर्मा, अपर आयुक्त आशीष पाठक, जलप्रदाय कार्यपालन यंत्री, सहायक यंत्री सहित संबंधित विभागों के अधिकारी उपस्थित थे। शहर में आगामी ग्रीष्मकाल को ध्यान में रखते हुए नागरिकों को सुचारू एवं पर्याप्त पेयजल उपलब्ध कराने के उद्देश्य से महापौर पुष्यमित्र भार्गव एवं आयुक्त क्षितिज सिंघल द्वारा महापौर सभाकक्ष में जलप्रदाय कार्यों की विस्तृत समीक्षा बैठक आयोजित की गई। बैठक में जलकार्य प्रभारी अभिषेक शर्मा, अपर आयुक्त आशीष पाठक, जलप्रदाय कार्यपालन यंत्री, सहायक यंत्री सहित संबंधित विभागों के अधिकारी उपस्थित थे। शहर में आगामी ग्रीष्मकाल को ध्यान में रखते हुए नागरिकों को सुचारू एवं पर्याप्त पेयजल उपलब्ध कराने के उद्देश्य से महापौर पुष्यमित्र भार्गव एवं आयुक्त क्षितिज सिंघल द्वारा महापौर सभाकक्ष में जलप्रदाय कार्यों की विस्तृत समीक्षा बैठक आयोजित की गई। बैठक में जलकार्य प्रभारी अभिषेक शर्मा, अपर आयुक्त आशीष पाठक, जलप्रदाय कार्यपालन यंत्री,
